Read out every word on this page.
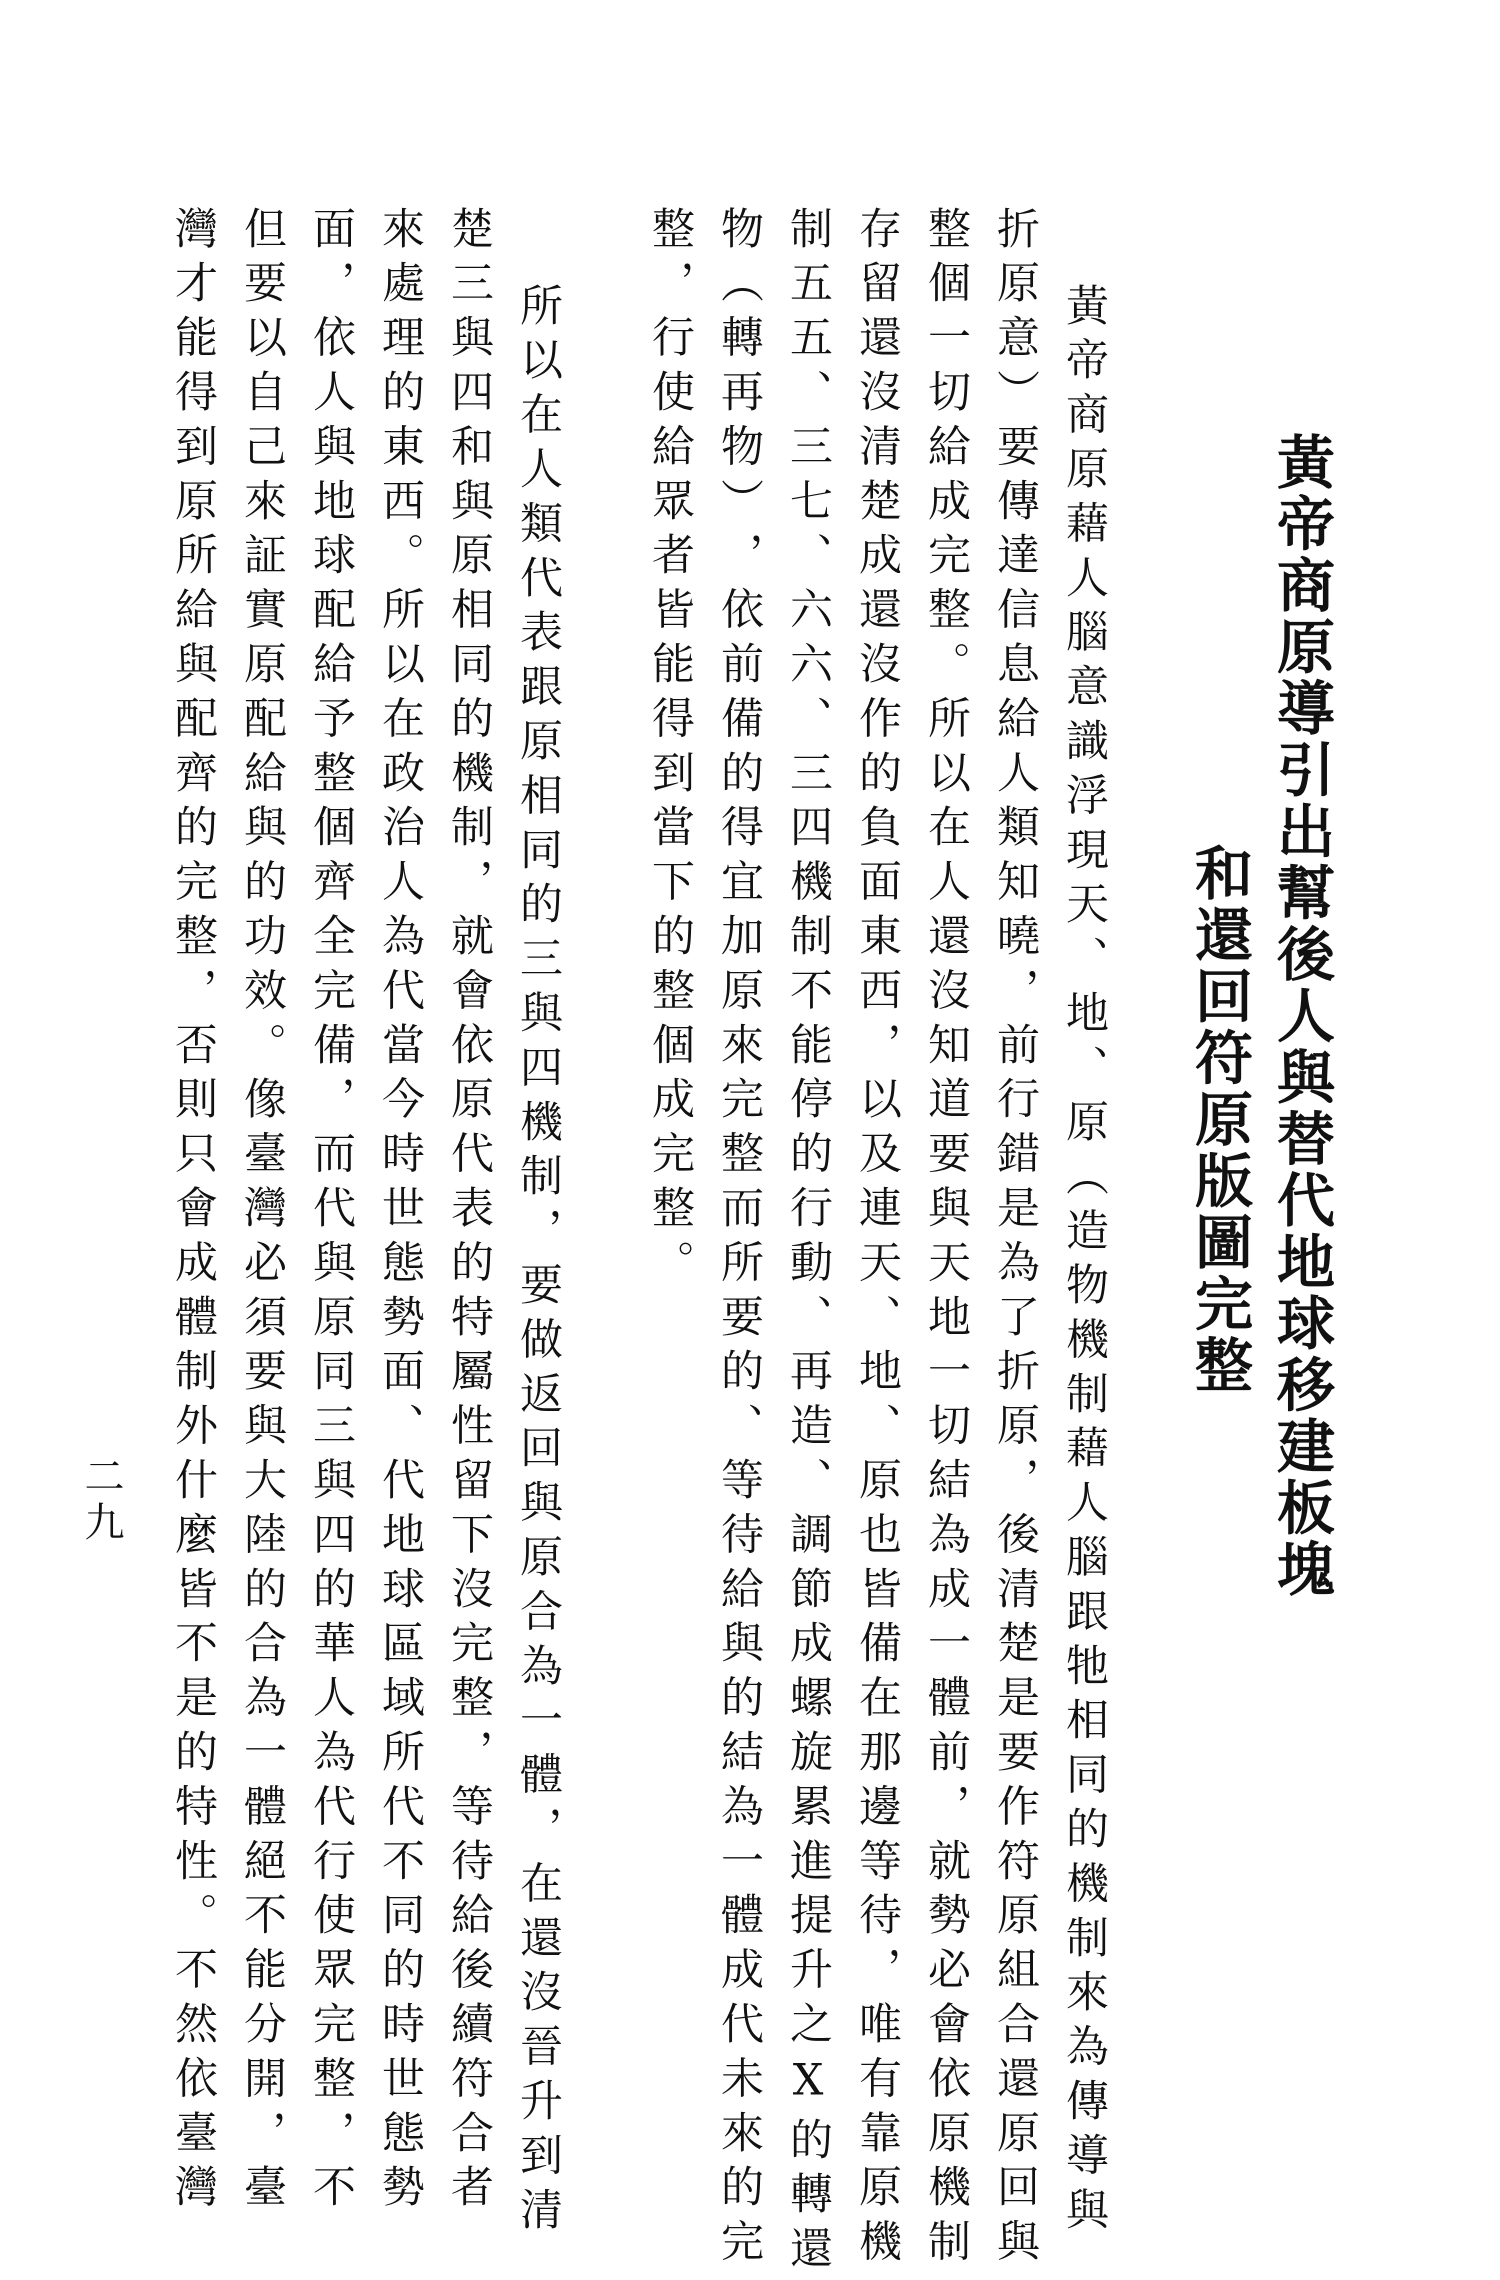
黃帝商原導引出幫後人與替代地球移建板塊
和還回符原版圖完整
黃帝商原藉人腦意識浮現天、地、原︵造物機制藉人腦跟牠相同的機制來為傳導與
折原意︶要傳達信息給人類知曉，前行錯是為了折原，後清楚是要作符原組合還原回與
整個一切給成完整。所以在人還沒知道要與天地一切結為成一體前，就勢必會依原機制
存留還沒清楚成還沒作的負面東西，以及連天、地、原也皆備在那邊等待，唯有靠原機
制五五、三七、六六、三四機制不能停的行動、再造、調節成螺旋累進提升之X的轉還
物︵轉再物︶，依前備的得宜加原來完整而所要的、等待給與的結為一體成代未來的完
整，行使給眾者皆能得到當下的整個成完整。
所以在人類代表跟原相同的三與四機制，要做返回與原合為一體，在還沒晉升到清
楚三與四和與原相同的機制，就會依原代表的特屬性留下沒完整，等待給後續符合者
來處理的東西。所以在政治人為代當今時世態勢面、代地球區域所代不同的時世態勢
面，依人與地球配給予整個齊全完備，而代與原同三與四的華人為代行使眾完整，不
但要以自己來証實原配給與的功效。像臺灣必須要與大陸的合為一體絕不能分開，臺
灣才能得到原所給與配齊的完整，否則只會成體制外什麼皆不是的特性。不然依臺灣
二九
